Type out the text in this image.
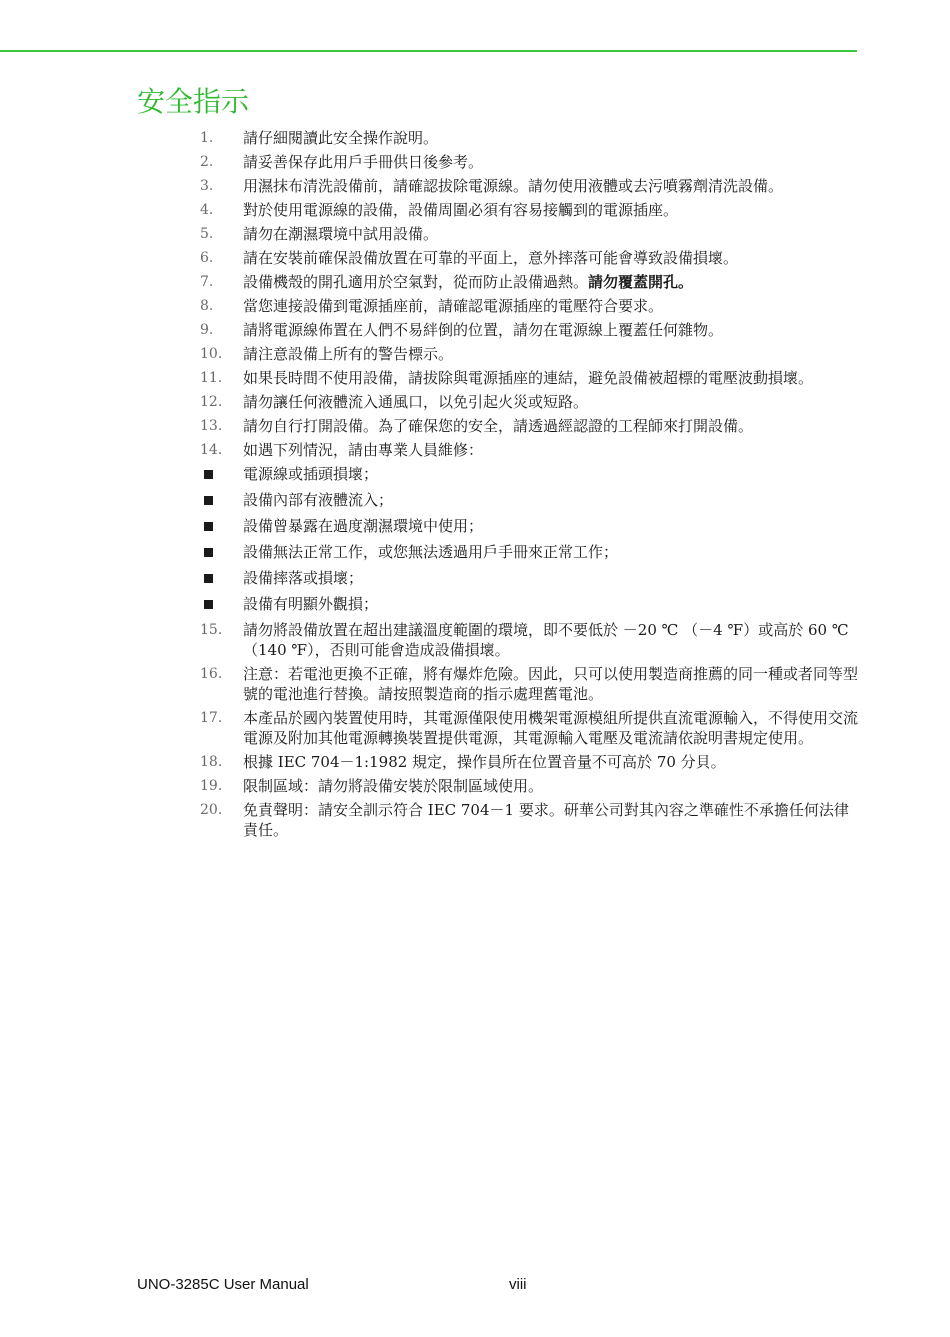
安全指示
1.	請仔細閱讀此安全操作說明。
2.	請妥善保存此用戶手冊供日後參考。
3.	用濕抹布清洗設備前，請確認拔除電源線。請勿使用液體或去污噴霧劑清洗設備。
4.	對於使用電源線的設備，設備周圍必須有容易接觸到的電源插座。
5.	請勿在潮濕環境中試用設備。
6.	請在安裝前確保設備放置在可靠的平面上，意外摔落可能會導致設備損壞。
7.	設備機殼的開孔適用於空氣對，從而防止設備過熱。請勿覆蓋開孔。
8.	當您連接設備到電源插座前，請確認電源插座的電壓符合要求。
9.	請將電源線佈置在人們不易絆倒的位置，請勿在電源線上覆蓋任何雜物。
10.	請注意設備上所有的警告標示。
11.	如果長時間不使用設備，請拔除與電源插座的連結，避免設備被超標的電壓波動損壞。
12.	請勿讓任何液體流入通風口，以免引起火災或短路。
13.	請勿自行打開設備。為了確保您的安全，請透過經認證的工程師來打開設備。
14.	如遇下列情況，請由專業人員維修：
電源線或插頭損壞；
設備內部有液體流入；
設備曾暴露在過度潮濕環境中使用；
設備無法正常工作，或您無法透過用戶手冊來正常工作；
設備摔落或損壞；
設備有明顯外觀損；
15.	請勿將設備放置在超出建議溫度範圍的環境，即不要低於 －20 ℃ （－4 ℉）或高於 60 ℃ （140 ℉），否則可能會造成設備損壞。
16.	注意：若電池更換不正確，將有爆炸危險。因此，只可以使用製造商推薦的同一種或者同等型號的電池進行替換。請按照製造商的指示處理舊電池。
17.	本產品於國內裝置使用時，其電源僅限使用機架電源模組所提供直流電源輸入，不得使用交流電源及附加其他電源轉換裝置提供電源，其電源輸入電壓及電流請依說明書規定使用。
18.	根據 IEC 704－1:1982 規定，操作員所在位置音量不可高於 70 分貝。
19.	限制區域：請勿將設備安裝於限制區域使用。
20.	免責聲明：請安全訓示符合 IEC 704－1 要求。研華公司對其內容之準確性不承擔任何法律責任。
UNO-3285C User Manual	viii
